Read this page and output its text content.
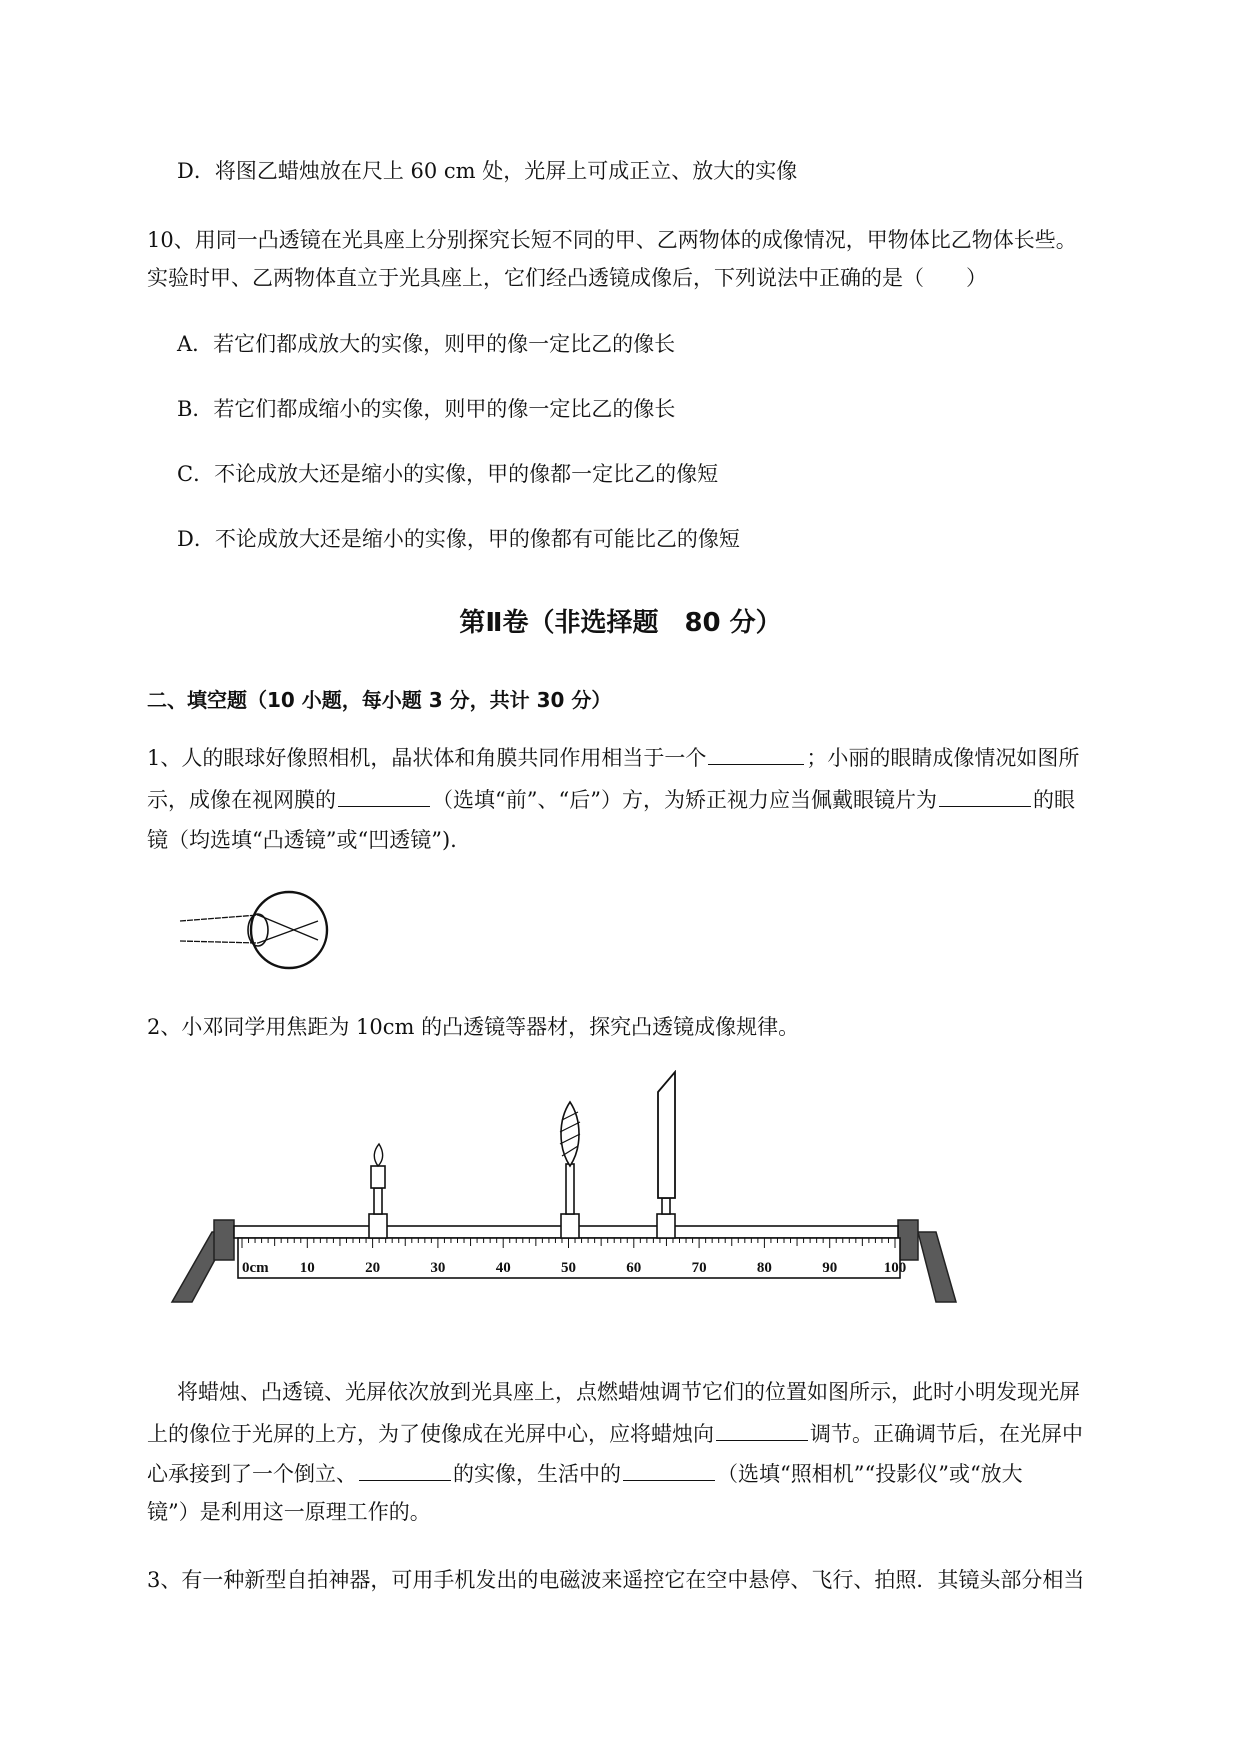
D．将图乙蜡烛放在尺上 60 cm 处，光屏上可成正立、放大的实像
10、用同一凸透镜在光具座上分别探究长短不同的甲、乙两物体的成像情况，甲物体比乙物体长些。
实验时甲、乙两物体直立于光具座上，它们经凸透镜成像后，下列说法中正确的是（　　）
A．若它们都成放大的实像，则甲的像一定比乙的像长
B．若它们都成缩小的实像，则甲的像一定比乙的像长
C．不论成放大还是缩小的实像，甲的像都一定比乙的像短
D．不论成放大还是缩小的实像，甲的像都有可能比乙的像短
第Ⅱ卷（非选择题　80 分）
二、填空题（10 小题，每小题 3 分，共计 30 分）
1、人的眼球好像照相机，晶状体和角膜共同作用相当于一个	；小丽的眼睛成像情况如图所
示，成像在视网膜的	（选填“前”、“后”）方，为矫正视力应当佩戴眼镜片为	的眼
镜（均选填“凸透镜”或“凹透镜”).
2、小邓同学用焦距为 10cm 的凸透镜等器材，探究凸透镜成像规律。
0cm 10	20	30	40	50	60	70	80	90	100
将蜡烛、凸透镜、光屏依次放到光具座上，点燃蜡烛调节它们的位置如图所示，此时小明发现光屏
上的像位于光屏的上方，为了使像成在光屏中心，应将蜡烛向	调节。正确调节后，在光屏中
心承接到了一个倒立、	的实像，生活中的	（选填“照相机”“投影仪”或“放大
镜”）是利用这一原理工作的。
3、有一种新型自拍神器，可用手机发出的电磁波来遥控它在空中悬停、飞行、拍照．其镜头部分相当
